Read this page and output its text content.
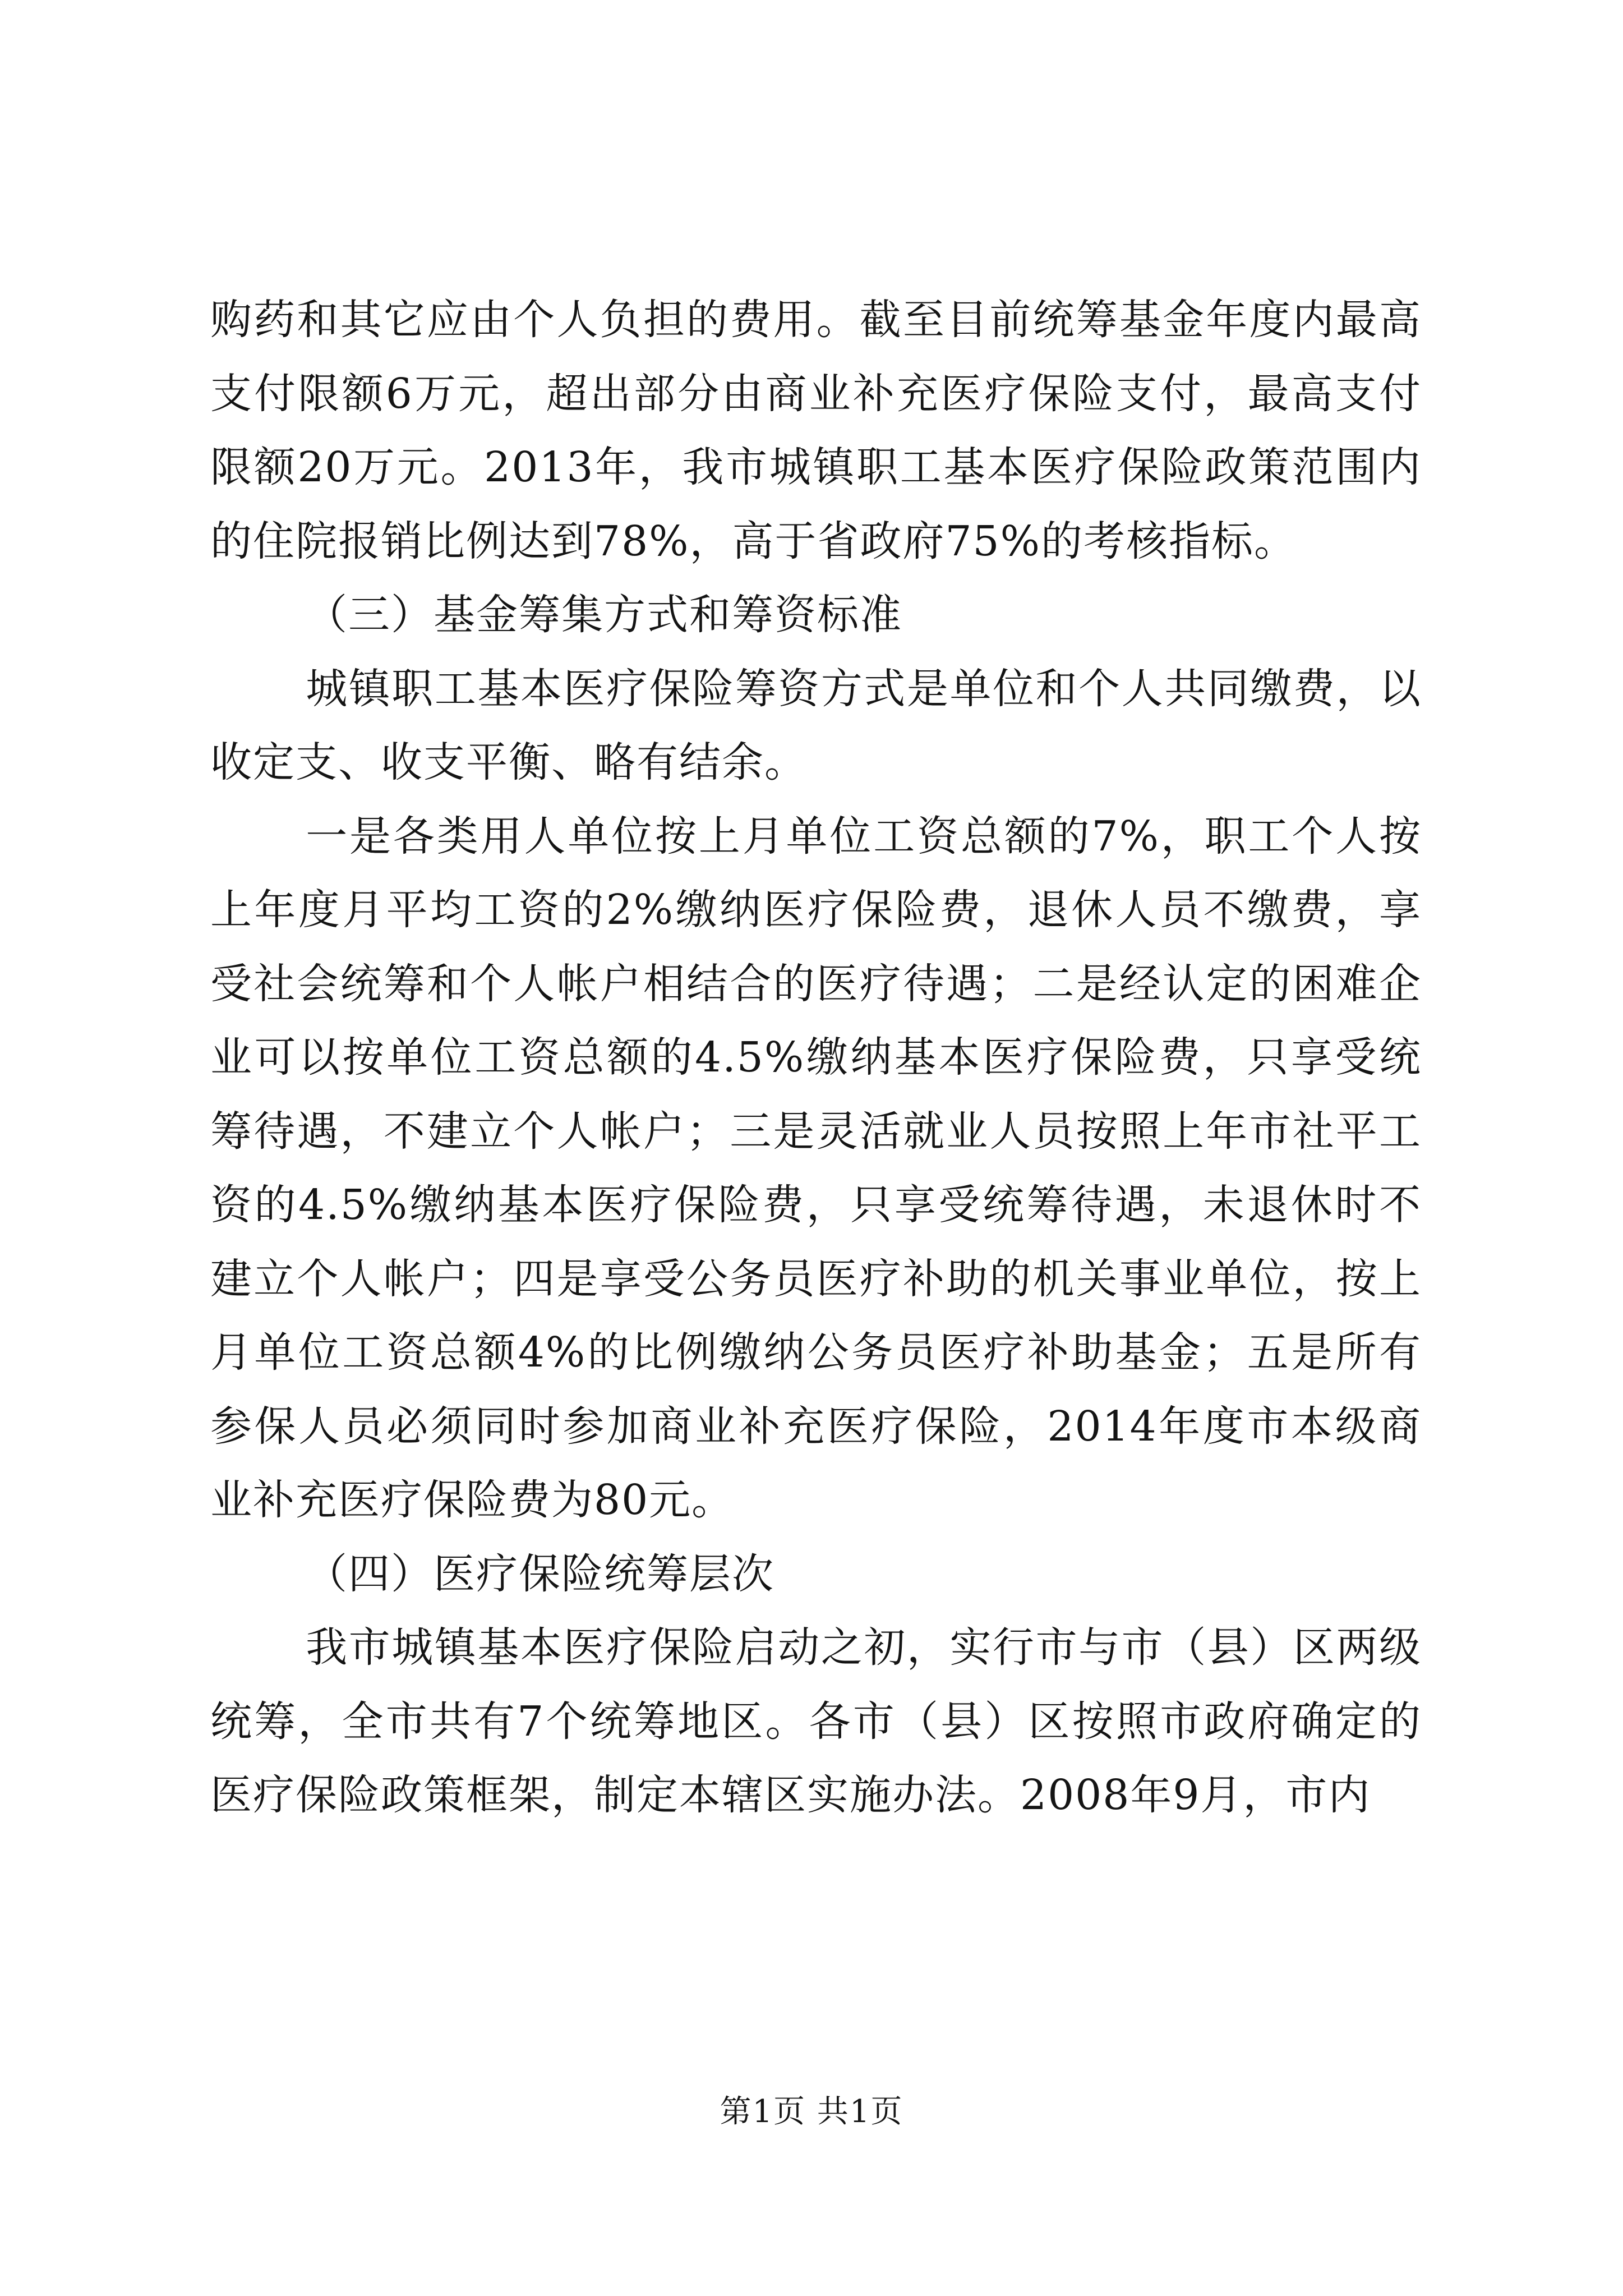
购药和其它应由个人负担的费用。截至目前统筹基金年度内最高支付限额6万元，超出部分由商业补充医疗保险支付，最高支付限额20万元。2013年，我市城镇职工基本医疗保险政策范围内的住院报销比例达到78%，高于省政府75%的考核指标。

（三）基金筹集方式和筹资标准

城镇职工基本医疗保险筹资方式是单位和个人共同缴费，以收定支、收支平衡、略有结余。

一是各类用人单位按上月单位工资总额的7%，职工个人按上年度月平均工资的2%缴纳医疗保险费，退休人员不缴费，享受社会统筹和个人帐户相结合的医疗待遇；二是经认定的困难企业可以按单位工资总额的4.5%缴纳基本医疗保险费，只享受统筹待遇，不建立个人帐户；三是灵活就业人员按照上年市社平工资的4.5%缴纳基本医疗保险费，只享受统筹待遇，未退休时不建立个人帐户；四是享受公务员医疗补助的机关事业单位，按上月单位工资总额4%的比例缴纳公务员医疗补助基金；五是所有参保人员必须同时参加商业补充医疗保险，2014年度市本级商业补充医疗保险费为80元。

（四）医疗保险统筹层次

我市城镇基本医疗保险启动之初，实行市与市（县）区两级统筹，全市共有7个统筹地区。各市（县）区按照市政府确定的医疗保险政策框架，制定本辖区实施办法。2008年9月，市内

第1页 共1页
